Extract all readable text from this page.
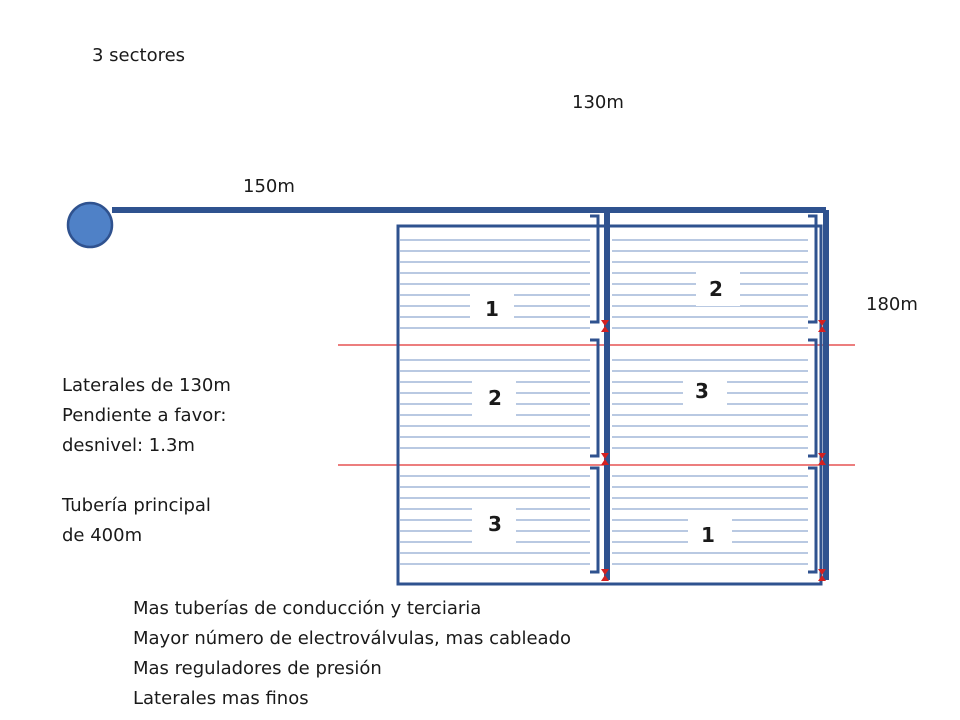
3 sectores
130m
150m
180m
Laterales de 130m
Pendiente a favor:
desnivel: 1.3m
Tubería principal
de 400m
Mas tuberías de conducción y terciaria
Mayor número de electroválvulas, mas cableado
Mas reguladores de presión
Laterales mas finos
1
2
3
2
3
1
